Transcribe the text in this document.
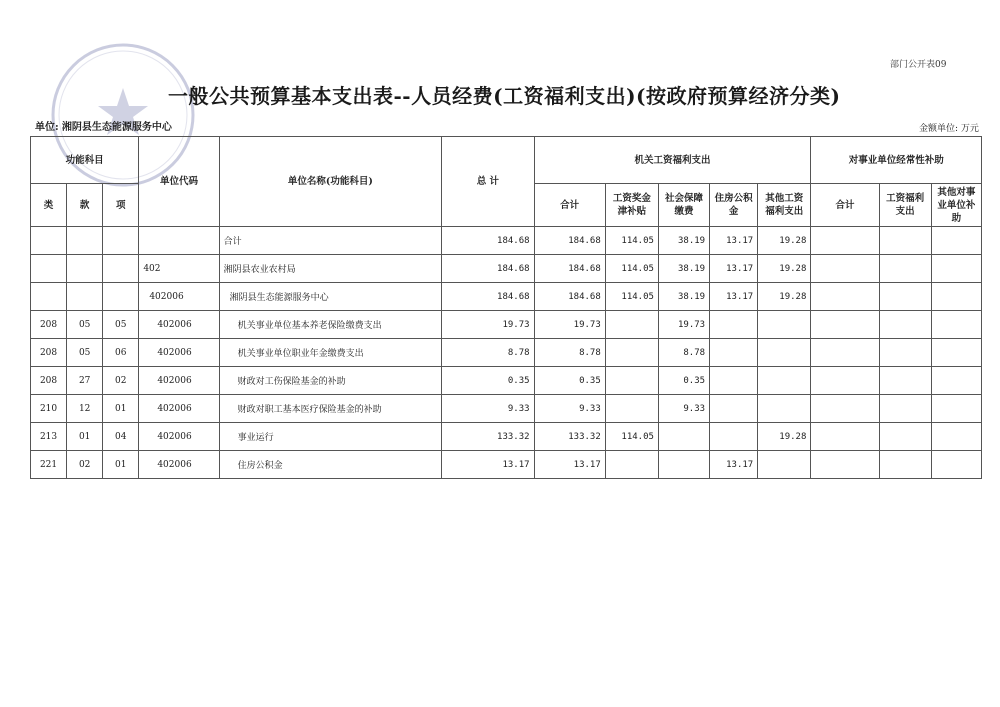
部门公开表09
一般公共预算基本支出表--人员经费(工资福利支出)(按政府预算经济分类)
单位: 湘阴县生态能源服务中心	金额单位: 万元
功能科目			单位代码	单位名称(功能科目)	总 计	机关工资福利支出					对事业单位经常性补助		
类	款	项				合计	工资奖金津补贴	社会保障缴费	住房公积金	其他工资福利支出	合计	工资福利支出	其他对事业单位补助
				合计	184.68	184.68	114.05	38.19	13.17	19.28			
			402	湘阴县农业农村局	184.68	184.68	114.05	38.19	13.17	19.28			
			402006	湘阴县生态能源服务中心	184.68	184.68	114.05	38.19	13.17	19.28			
208	05	05	402006	机关事业单位基本养老保险缴费支出	19.73	19.73		19.73					
208	05	06	402006	机关事业单位职业年金缴费支出	8.78	8.78		8.78					
208	27	02	402006	财政对工伤保险基金的补助	0.35	0.35		0.35					
210	12	01	402006	财政对职工基本医疗保险基金的补助	9.33	9.33		9.33					
213	01	04	402006	事业运行	133.32	133.32	114.05			19.28			
221	02	01	402006	住房公积金	13.17	13.17			13.17				
